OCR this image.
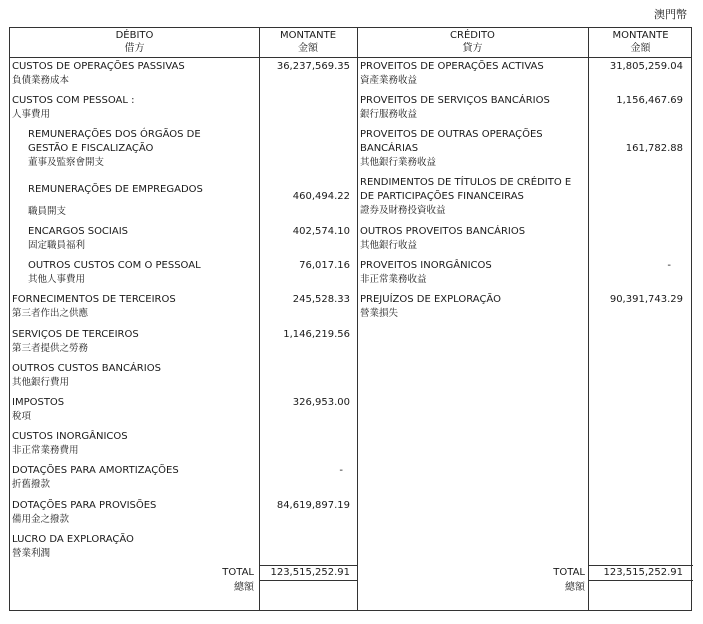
澳門幣
DÉBITO
借方
MONTANTE
金額
CRÉDITO
貸方
MONTANTE
金額
CUSTOS DE OPERAÇÕES PASSIVAS
負債業務成本
36,237,569.35
CUSTOS COM PESSOAL :
人事費用
REMUNERAÇÕES DOS ÓRGÃOS DE
GESTÃO E FISCALIZAÇÃO
董事及監察會開支
REMUNERAÇÕES DE EMPREGADOS
職員開支
460,494.22
ENCARGOS SOCIAIS
固定職員福利
402,574.10
OUTROS CUSTOS COM O PESSOAL
其他人事費用
76,017.16
FORNECIMENTOS DE TERCEIROS
第三者作出之供應
245,528.33
SERVIÇOS DE TERCEIROS
第三者提供之勞務
1,146,219.56
OUTROS CUSTOS BANCÁRIOS
其他銀行費用
IMPOSTOS
稅項
326,953.00
CUSTOS INORGÂNICOS
非正常業務費用
DOTAÇÕES PARA AMORTIZAÇÕES
折舊撥款
-
DOTAÇÕES PARA PROVISÕES
備用金之撥款
84,619,897.19
LUCRO DA EXPLORAÇÃO
營業利潤
PROVEITOS DE OPERAÇÕES ACTIVAS
資產業務收益
31,805,259.04
PROVEITOS DE SERVIÇOS BANCÁRIOS
銀行服務收益
1,156,467.69
PROVEITOS DE OUTRAS OPERAÇÕES
BANCÁRIAS
其他銀行業務收益
161,782.88
RENDIMENTOS DE TÍTULOS DE CRÉDITO E
DE PARTICIPAÇÕES FINANCEIRAS
證券及財務投資收益
OUTROS PROVEITOS BANCÁRIOS
其他銀行收益
PROVEITOS INORGÂNICOS
非正常業務收益
-
PREJUÍZOS DE EXPLORAÇÃO
營業損失
90,391,743.29
TOTAL
總額
123,515,252.91	TOTAL
總額
123,515,252.91
